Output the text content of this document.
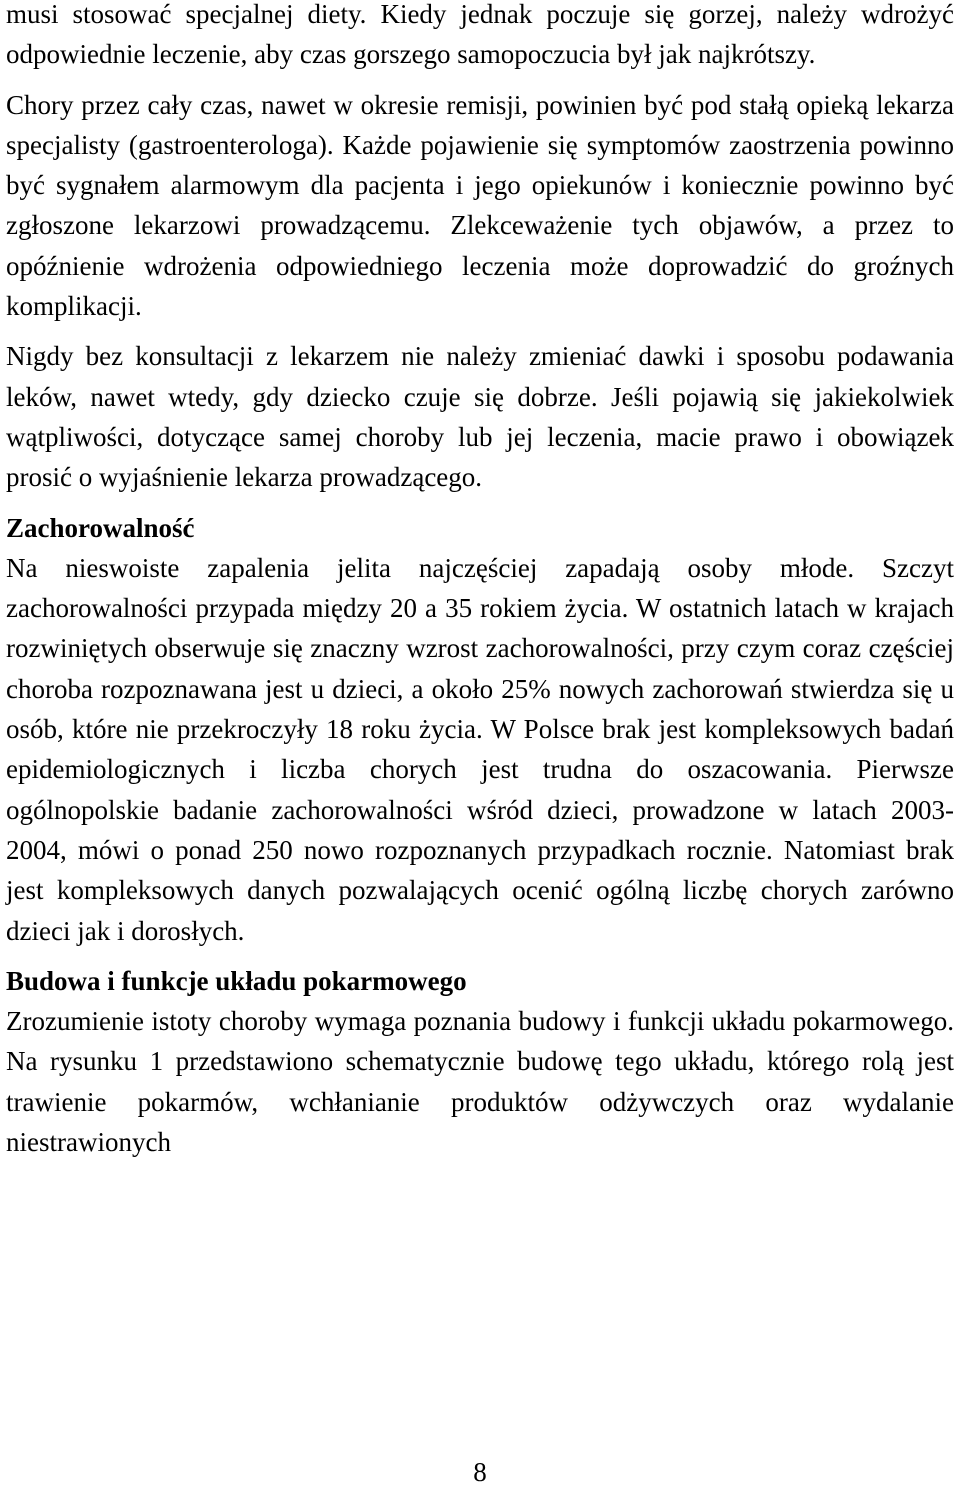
musi stosować specjalnej diety. Kiedy jednak poczuje się gorzej, należy wdrożyć odpowiednie leczenie, aby czas gorszego samopoczucia był jak najkrótszy.

Chory przez cały czas, nawet w okresie remisji, powinien być pod stałą opieką lekarza specjalisty (gastroenterologa). Każde pojawienie się symptomów zaostrzenia powinno być sygnałem alarmowym dla pacjenta i jego opiekunów i koniecznie powinno być zgłoszone lekarzowi prowadzącemu. Zlekceważenie tych objawów, a przez to opóźnienie wdrożenia odpowiedniego leczenia może doprowadzić do groźnych komplikacji.

Nigdy bez konsultacji z lekarzem nie należy zmieniać dawki i sposobu podawania leków, nawet wtedy, gdy dziecko czuje się dobrze. Jeśli pojawią się jakiekolwiek wątpliwości, dotyczące samej choroby lub jej leczenia, macie prawo i obowiązek prosić o wyjaśnienie lekarza prowadzącego.

Zachorowalność

Na nieswoiste zapalenia jelita najczęściej zapadają osoby młode. Szczyt zachorowalności przypada między 20 a 35 rokiem życia. W ostatnich latach w krajach rozwiniętych obserwuje się znaczny wzrost zachorowalności, przy czym coraz częściej choroba rozpoznawana jest u dzieci, a około 25% nowych zachorowań stwierdza się u osób, które nie przekroczyły 18 roku życia. W Polsce brak jest kompleksowych badań epidemiologicznych i liczba chorych jest trudna do oszacowania. Pierwsze ogólnopolskie badanie zachorowalności wśród dzieci, prowadzone w latach 2003-2004, mówi o ponad 250 nowo rozpoznanych przypadkach rocznie. Natomiast brak jest kompleksowych danych pozwalających ocenić ogólną liczbę chorych zarówno dzieci jak i dorosłych.

Budowa i funkcje układu pokarmowego

Zrozumienie istoty choroby wymaga poznania budowy i funkcji układu pokarmowego. Na rysunku 1 przedstawiono schematycznie budowę tego układu, którego rolą jest trawienie pokarmów, wchłanianie produktów odżywczych oraz wydalanie niestrawionych

8
